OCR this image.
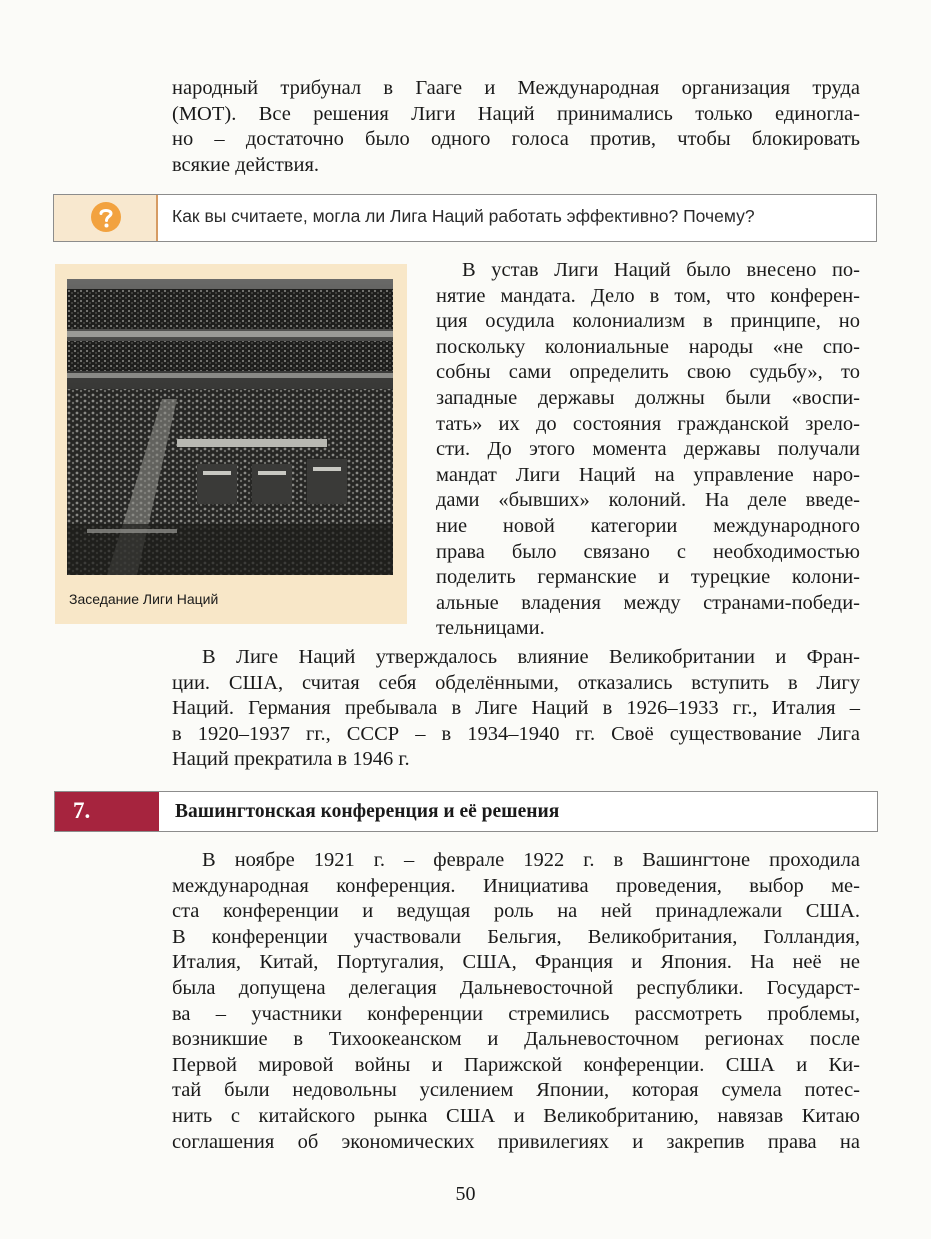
народный трибунал в Гааге и Международная организация труда
(МОТ). Все решения Лиги Наций принимались только единогла-
но – достаточно было одного голоса против, чтобы блокировать
всякие действия.
Как вы считаете, могла ли Лига Наций работать эффективно? Почему?
Заседание Лиги Наций
В устав Лиги Наций было внесено по-
нятие мандата. Дело в том, что конферен-
ция осудила колониализм в принципе, но
поскольку колониальные народы «не спо-
собны сами определить свою судьбу», то
западные державы должны были «воспи-
тать» их до состояния гражданской зрело-
сти. До этого момента державы получали
мандат Лиги Наций на управление наро-
дами «бывших» колоний. На деле введе-
ние новой категории международного
права было связано с необходимостью
поделить германские и турецкие колони-
альные владения между странами-победи-
тельницами.
В Лиге Наций утверждалось влияние Великобритании и Фран-
ции. США, считая себя обделёнными, отказались вступить в Лигу
Наций. Германия пребывала в Лиге Наций в 1926–1933 гг., Италия –
в 1920–1937 гг., СССР – в 1934–1940 гг. Своё существование Лига
Наций прекратила в 1946 г.
7.	Вашингтонская конференция и её решения
В ноябре 1921 г. – феврале 1922 г. в Вашингтоне проходила
международная конференция. Инициатива проведения, выбор ме-
ста конференции и ведущая роль на ней принадлежали США.
В конференции участвовали Бельгия, Великобритания, Голландия,
Италия, Китай, Португалия, США, Франция и Япония. На неё не
была допущена делегация Дальневосточной республики. Государст-
ва – участники конференции стремились рассмотреть проблемы,
возникшие в Тихоокеанском и Дальневосточном регионах после
Первой мировой войны и Парижской конференции. США и Ки-
тай были недовольны усилением Японии, которая сумела потес-
нить с китайского рынка США и Великобританию, навязав Китаю
соглашения об экономических привилегиях и закрепив права на
50
